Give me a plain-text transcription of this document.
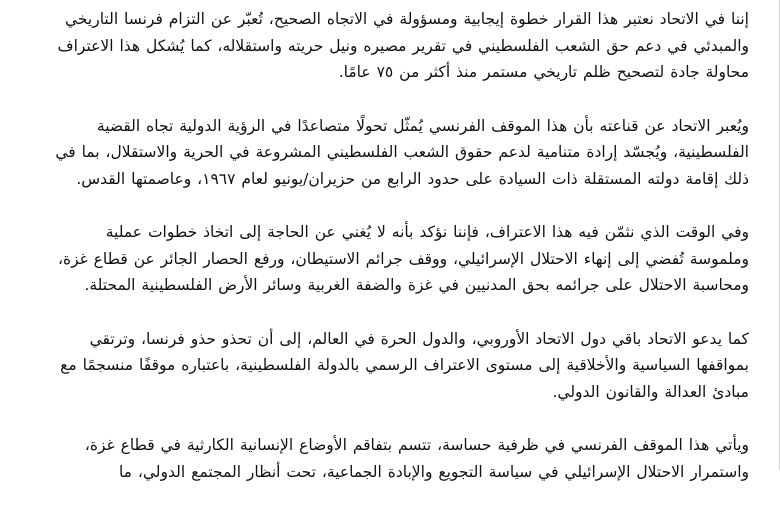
إننا في الاتحاد نعتبر هذا القرار خطوة إيجابية ومسؤولة في الاتجاه الصحيح، تُعبّر عن التزام فرنسا التاريخي والمبدئي في دعم حق الشعب الفلسطيني في تقرير مصيره ونيل حريته واستقلاله، كما يُشكل هذا الاعتراف محاولة جادة لتصحيح ظلم تاريخي مستمر منذ أكثر من ٧٥ عامًا.

ويُعبر الاتحاد عن قناعته بأن هذا الموقف الفرنسي يُمثّل تحولًا متصاعدًا في الرؤية الدولية تجاه القضية الفلسطينية، ويُجسّد إرادة متنامية لدعم حقوق الشعب الفلسطيني المشروعة في الحرية والاستقلال، بما في ذلك إقامة دولته المستقلة ذات السيادة على حدود الرابع من حزيران/يونيو لعام ١٩٦٧، وعاصمتها القدس.

وفي الوقت الذي نثمّن فيه هذا الاعتراف، فإننا نؤكد بأنه لا يُغني عن الحاجة إلى اتخاذ خطوات عملية وملموسة تُفضي إلى إنهاء الاحتلال الإسرائيلي، ووقف جرائم الاستيطان، ورفع الحصار الجائر عن قطاع غزة، ومحاسبة الاحتلال على جرائمه بحق المدنيين في غزة والضفة الغربية وسائر الأرض الفلسطينية المحتلة.

كما يدعو الاتحاد باقي دول الاتحاد الأوروبي، والدول الحرة في العالم، إلى أن تحذو حذو فرنسا، وترتقي بمواقفها السياسية والأخلاقية إلى مستوى الاعتراف الرسمي بالدولة الفلسطينية، باعتباره موقفًا منسجمًا مع مبادئ العدالة والقانون الدولي.

ويأتي هذا الموقف الفرنسي في ظرفية حساسة، تتسم بتفاقم الأوضاع الإنسانية الكارثية في قطاع غزة، واستمرار الاحتلال الإسرائيلي في سياسة التجويع والإبادة الجماعية، تحت أنظار المجتمع الدولي، ما
